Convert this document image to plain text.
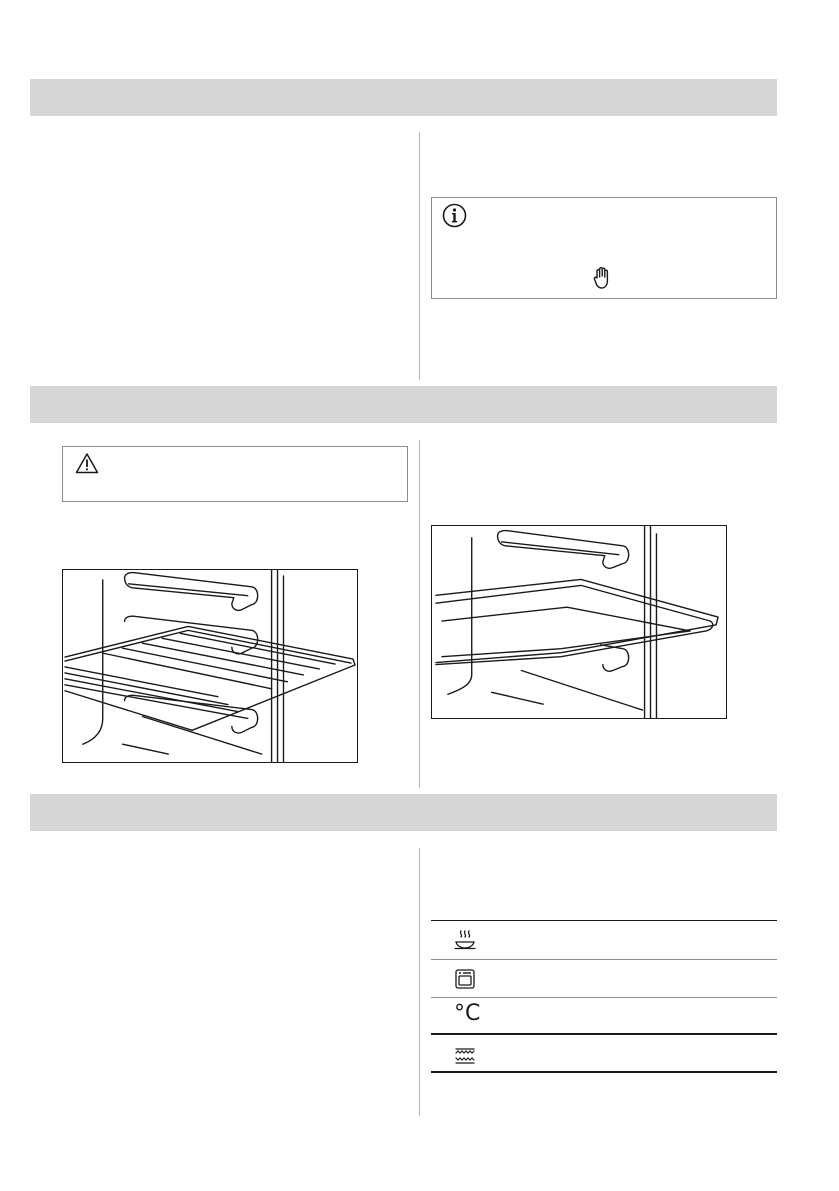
°C
